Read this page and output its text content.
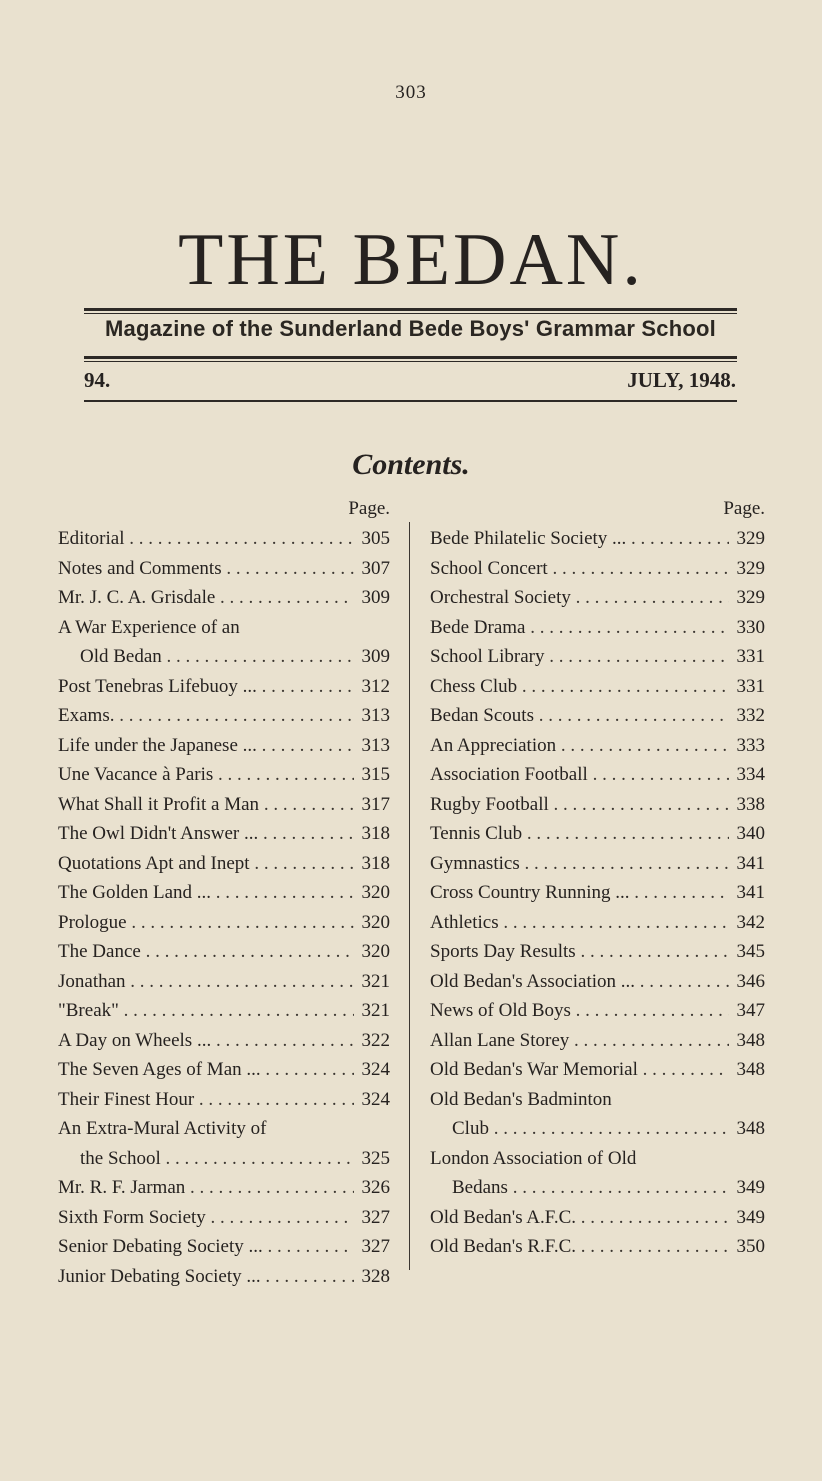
303
THE BEDAN.
Magazine of the Sunderland Bede Boys' Grammar School
94.	JULY, 1948.
Contents.
Page.
Editorial . . .	305
Notes and Comments . . .	307
Mr. J. C. A. Grisdale . . .	309
A War Experience of an
Old Bedan . . .	309
Post Tenebras Lifebuoy ... . . .	312
Exams. . . .	313
Life under the Japanese ... . . .	313
Une Vacance à Paris . . .	315
What Shall it Profit a Man . . .	317
The Owl Didn't Answer ... . . .	318
Quotations Apt and Inept . . .	318
The Golden Land ... . . .	320
Prologue . . .	320
The Dance . . .	320
Jonathan . . .	321
"Break" . . .	321
A Day on Wheels ... . . .	322
The Seven Ages of Man ... . . .	324
Their Finest Hour . . .	324
An Extra-Mural Activity of
the School . . .	325
Mr. R. F. Jarman . . .	326
Sixth Form Society . . .	327
Senior Debating Society ... . . .	327
Junior Debating Society ... . . .	328
Page.
Bede Philatelic Society ... . . .	329
School Concert . . .	329
Orchestral Society . . .	329
Bede Drama . . .	330
School Library . . .	331
Chess Club . . .	331
Bedan Scouts . . .	332
An Appreciation . . .	333
Association Football . . .	334
Rugby Football . . .	338
Tennis Club . . .	340
Gymnastics . . .	341
Cross Country Running ... . . .	341
Athletics . . .	342
Sports Day Results . . .	345
Old Bedan's Association ... . . .	346
News of Old Boys . . .	347
Allan Lane Storey . . .	348
Old Bedan's War Memorial . . .	348
Old Bedan's Badminton
Club . . .	348
London Association of Old
Bedans . . .	349
Old Bedan's A.F.C. . . .	349
Old Bedan's R.F.C. . . .	350
